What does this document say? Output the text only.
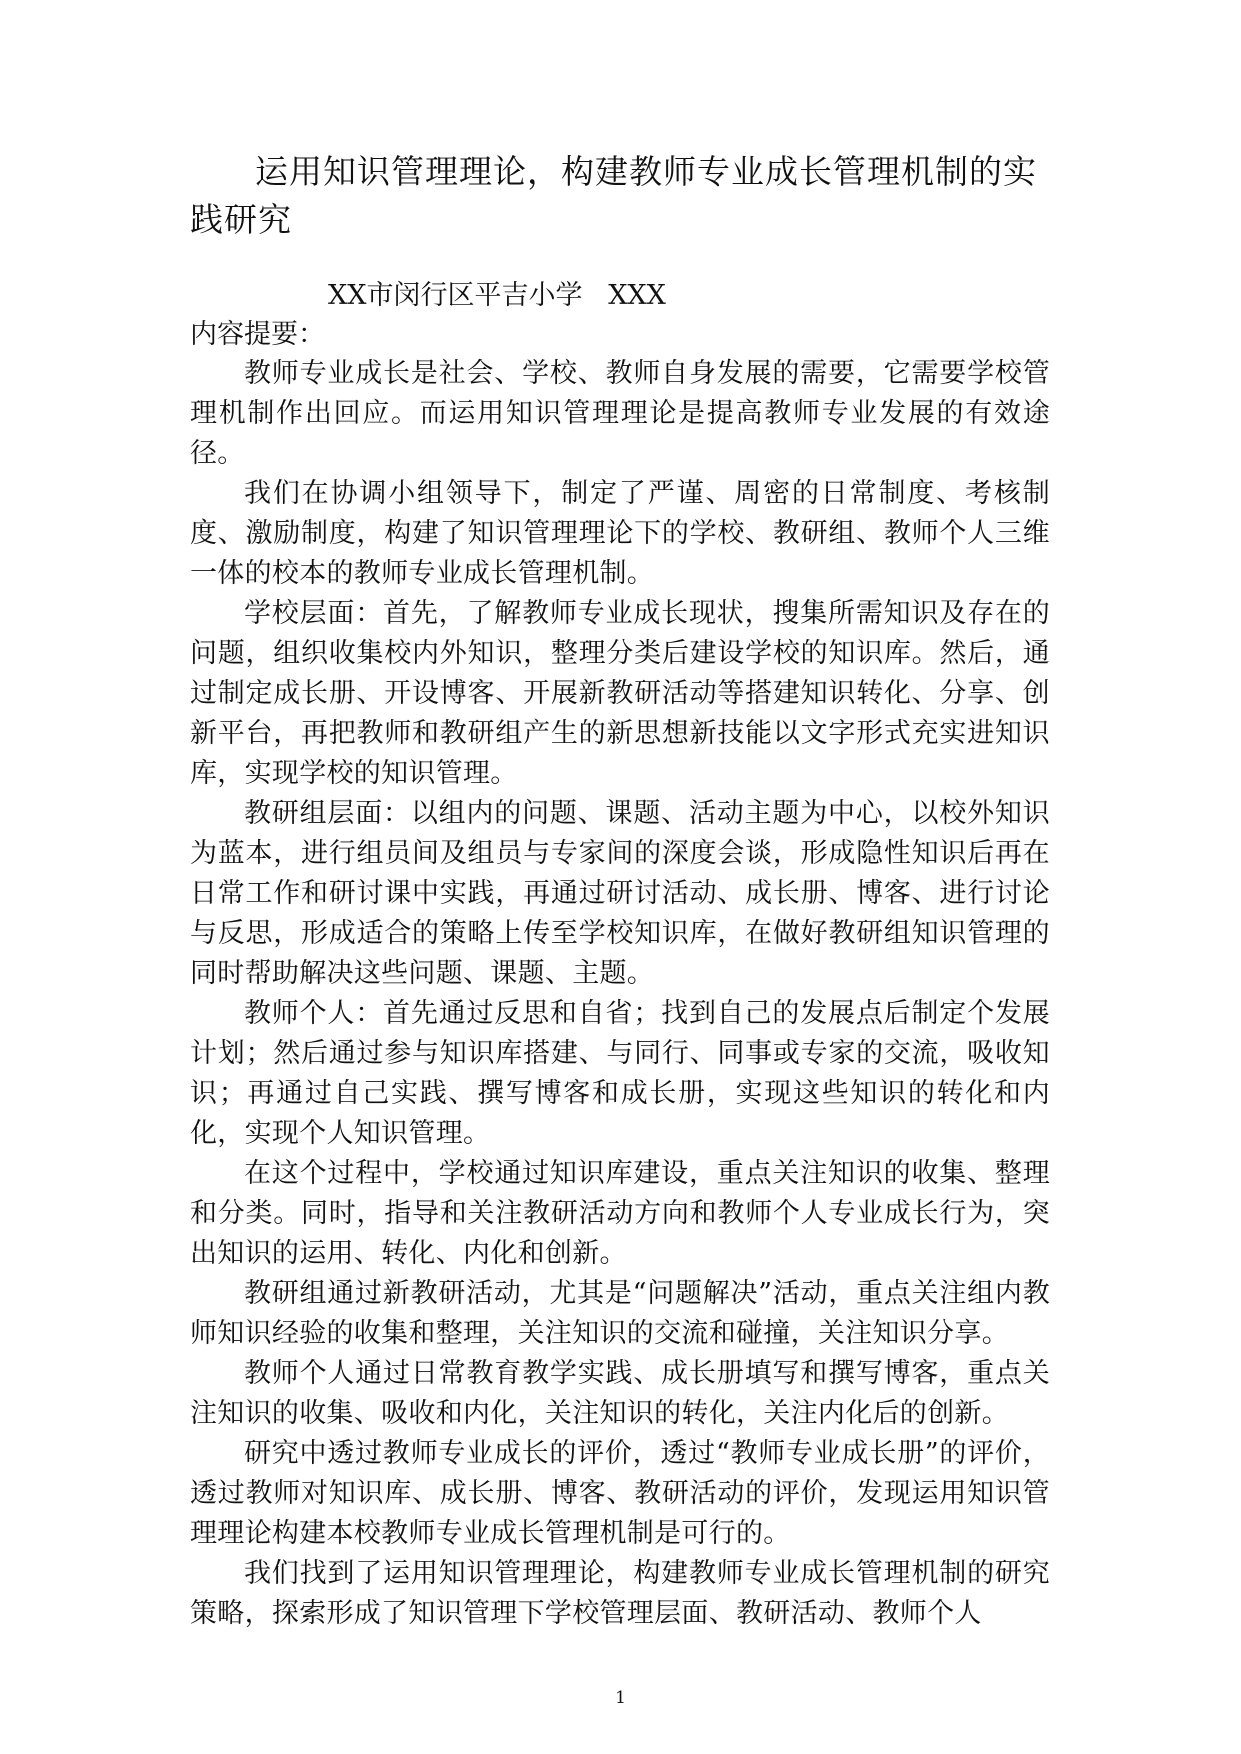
运用知识管理理论，构建教师专业成长管理机制的实践研究
XX市闵行区平吉小学   XXX
内容提要：

教师专业成长是社会、学校、教师自身发展的需要，它需要学校管理机制作出回应。而运用知识管理理论是提高教师专业发展的有效途径。

我们在协调小组领导下，制定了严谨、周密的日常制度、考核制度、激励制度，构建了知识管理理论下的学校、教研组、教师个人三维一体的校本的教师专业成长管理机制。

学校层面：首先，了解教师专业成长现状，搜集所需知识及存在的问题，组织收集校内外知识，整理分类后建设学校的知识库。然后，通过制定成长册、开设博客、开展新教研活动等搭建知识转化、分享、创新平台，再把教师和教研组产生的新思想新技能以文字形式充实进知识库，实现学校的知识管理。

教研组层面：以组内的问题、课题、活动主题为中心，以校外知识为蓝本，进行组员间及组员与专家间的深度会谈，形成隐性知识后再在日常工作和研讨课中实践，再通过研讨活动、成长册、博客、进行讨论与反思，形成适合的策略上传至学校知识库，在做好教研组知识管理的同时帮助解决这些问题、课题、主题。

教师个人：首先通过反思和自省；找到自己的发展点后制定个发展计划；然后通过参与知识库搭建、与同行、同事或专家的交流，吸收知识；再通过自己实践、撰写博客和成长册，实现这些知识的转化和内化，实现个人知识管理。

在这个过程中，学校通过知识库建设，重点关注知识的收集、整理和分类。同时，指导和关注教研活动方向和教师个人专业成长行为，突出知识的运用、转化、内化和创新。

教研组通过新教研活动，尤其是“问题解决”活动，重点关注组内教师知识经验的收集和整理，关注知识的交流和碰撞，关注知识分享。

教师个人通过日常教育教学实践、成长册填写和撰写博客，重点关注知识的收集、吸收和内化，关注知识的转化，关注内化后的创新。

研究中透过教师专业成长的评价，透过“教师专业成长册”的评价，透过教师对知识库、成长册、博客、教研活动的评价，发现运用知识管理理论构建本校教师专业成长管理机制是可行的。

我们找到了运用知识管理理论，构建教师专业成长管理机制的研究策略，探索形成了知识管理下学校管理层面、教研活动、教师个人

1
